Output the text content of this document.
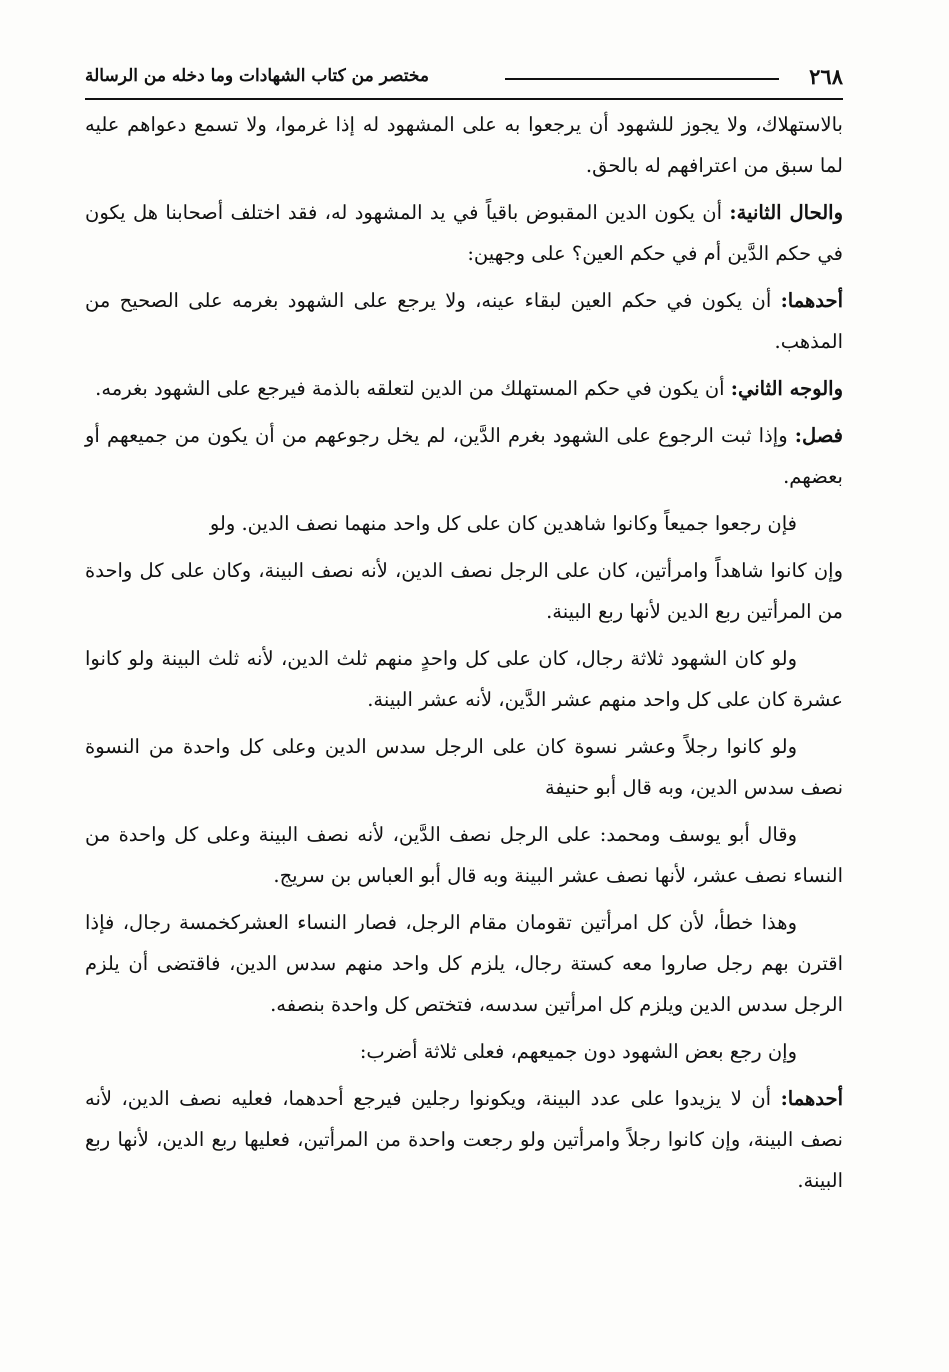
٢٦٨
مختصر من كتاب الشهادات وما دخله من الرسالة

بالاستهلاك، ولا يجوز للشهود أن يرجعوا به على المشهود له إذا غرموا، ولا تسمع دعواهم عليه لما سبق من اعترافهم له بالحق.

والحال الثانية: أن يكون الدين المقبوض باقياً في يد المشهود له، فقد اختلف أصحابنا هل يكون في حكم الدَّين أم في حكم العين؟ على وجهين:

أحدهما: أن يكون في حكم العين لبقاء عينه، ولا يرجع على الشهود بغرمه على الصحيح من المذهب.

والوجه الثاني: أن يكون في حكم المستهلك من الدين لتعلقه بالذمة فيرجع على الشهود بغرمه.

فصل: وإذا ثبت الرجوع على الشهود بغرم الدَّين، لم يخل رجوعهم من أن يكون من جميعهم أو بعضهم.

فإن رجعوا جميعاً وكانوا شاهدين كان على كل واحد منهما نصف الدين. ولو

وإن كانوا شاهداً وامرأتين، كان على الرجل نصف الدين، لأنه نصف البينة، وكان على كل واحدة من المرأتين ربع الدين لأنها ربع البينة.

ولو كان الشهود ثلاثة رجال، كان على كل واحدٍ منهم ثلث الدين، لأنه ثلث البينة ولو كانوا عشرة كان على كل واحد منهم عشر الدَّين، لأنه عشر البينة.

ولو كانوا رجلاً وعشر نسوة كان على الرجل سدس الدين وعلى كل واحدة من النسوة نصف سدس الدين، وبه قال أبو حنيفة

وقال أبو يوسف ومحمد: على الرجل نصف الدَّين، لأنه نصف البينة وعلى كل واحدة من النساء نصف عشر، لأنها نصف عشر البينة وبه قال أبو العباس بن سريج.

وهذا خطأ، لأن كل امرأتين تقومان مقام الرجل، فصار النساء العشركخمسة رجال، فإذا اقترن بهم رجل صاروا معه كستة رجال، يلزم كل واحد منهم سدس الدين، فاقتضى أن يلزم الرجل سدس الدين ويلزم كل امرأتين سدسه، فتختص كل واحدة بنصفه.

وإن رجع بعض الشهود دون جميعهم، فعلى ثلاثة أضرب:

أحدهما: أن لا يزيدوا على عدد البينة، ويكونوا رجلين فيرجع أحدهما، فعليه نصف الدين، لأنه نصف البينة، وإن كانوا رجلاً وامرأتين ولو رجعت واحدة من المرأتين، فعليها ربع الدين، لأنها ربع البينة.
